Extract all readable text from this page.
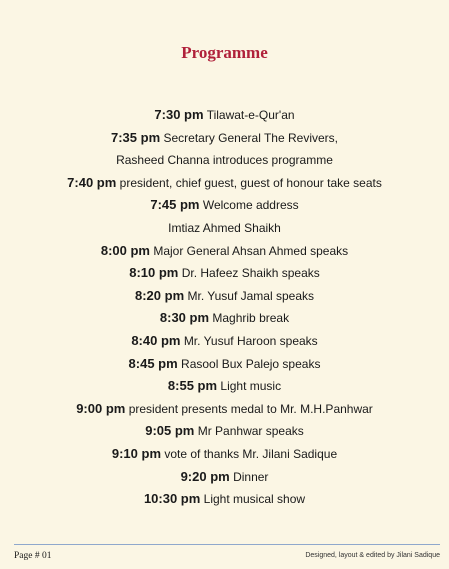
Programme
7:30 pm Tilawat-e-Qur'an
7:35 pm Secretary General The Revivers,
Rasheed Channa introduces programme
7:40 pm president, chief guest, guest of honour take seats
7:45 pm Welcome address
Imtiaz Ahmed Shaikh
8:00 pm Major General Ahsan Ahmed speaks
8:10 pm Dr. Hafeez Shaikh speaks
8:20 pm Mr. Yusuf Jamal speaks
8:30 pm Maghrib break
8:40 pm Mr. Yusuf Haroon speaks
8:45 pm Rasool Bux Palejo speaks
8:55 pm Light music
9:00 pm president presents medal to Mr. M.H.Panhwar
9:05 pm Mr Panhwar speaks
9:10 pm vote of thanks Mr. Jilani Sadique
9:20 pm Dinner
10:30 pm Light musical show
Page # 01	Designed, layout & edited by Jilani Sadique
